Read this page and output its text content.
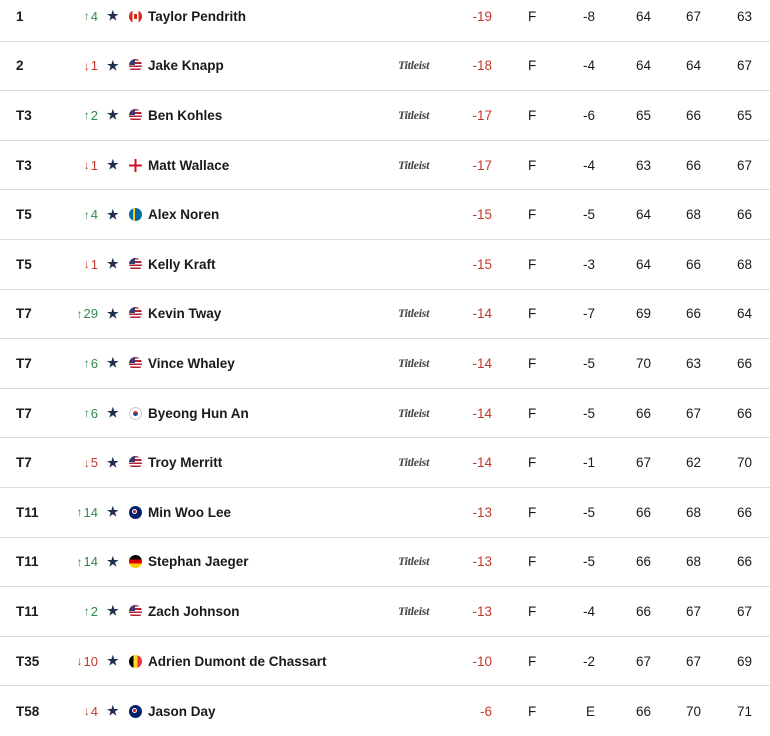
1	↑ 4 ★ Taylor Pendrith	-19	F	-8	64	67	63
2	↓ 1 ★ Jake Knapp	Titleist	-18	F	-4	64	64	67
T3	↑ 2 ★ Ben Kohles	Titleist	-17	F	-6	65	66	65
T3	↓ 1 ★ Matt Wallace	Titleist	-17	F	-4	63	66	67
T5	↑ 4 ★ Alex Noren	-15	F	-5	64	68	66
T5	↓ 1 ★ Kelly Kraft	-15	F	-3	64	66	68
T7	↑ 29 ★ Kevin Tway	Titleist	-14	F	-7	69	66	64
T7	↑ 6 ★ Vince Whaley	Titleist	-14	F	-5	70	63	66
T7	↑ 6 ★ Byeong Hun An	Titleist	-14	F	-5	66	67	66
T7	↓ 5 ★ Troy Merritt	Titleist	-14	F	-1	67	62	70
T11	↑ 14 ★ Min Woo Lee	-13	F	-5	66	68	66
T11	↑ 14 ★ Stephan Jaeger	Titleist	-13	F	-5	66	68	66
T11	↑ 2 ★ Zach Johnson	Titleist	-13	F	-4	66	67	67
T35	↓ 10 ★ Adrien Dumont de Chassart	-10	F	-2	67	67	69
T58	↓ 4 ★ Jason Day	-6	F	E	66	70	71
